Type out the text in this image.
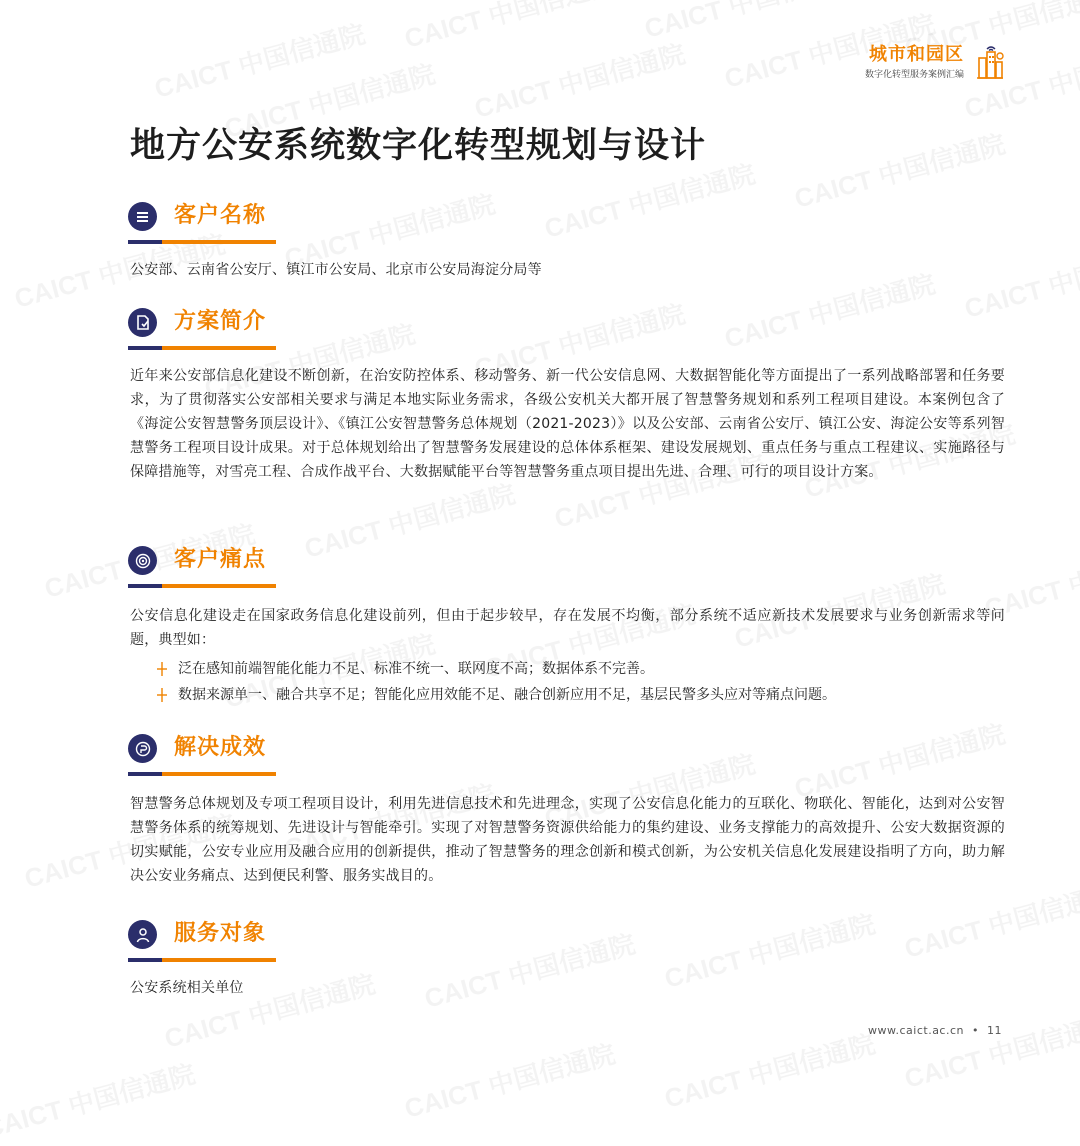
城市和园区
数字化转型服务案例汇编
地方公安系统数字化转型规划与设计
客户名称
公安部、云南省公安厅、镇江市公安局、北京市公安局海淀分局等
方案简介
近年来公安部信息化建设不断创新，在治安防控体系、移动警务、新一代公安信息网、大数据智能化等方面提出了一系列战略部署和任务要求，为了贯彻落实公安部相关要求与满足本地实际业务需求，各级公安机关大都开展了智慧警务规划和系列工程项目建设。本案例包含了《海淀公安智慧警务顶层设计》、《镇江公安智慧警务总体规划（2021-2023）》以及公安部、云南省公安厅、镇江公安、海淀公安等系列智慧警务工程项目设计成果。对于总体规划给出了智慧警务发展建设的总体体系框架、建设发展规划、重点任务与重点工程建议、实施路径与保障措施等，对雪亮工程、合成作战平台、大数据赋能平台等智慧警务重点项目提出先进、合理、可行的项目设计方案。
客户痛点
公安信息化建设走在国家政务信息化建设前列，但由于起步较早，存在发展不均衡，部分系统不适应新技术发展要求与业务创新需求等问题，典型如：
泛在感知前端智能化能力不足、标准不统一、联网度不高；数据体系不完善。
数据来源单一、融合共享不足；智能化应用效能不足、融合创新应用不足，基层民警多头应对等痛点问题。
解决成效
智慧警务总体规划及专项工程项目设计，利用先进信息技术和先进理念，实现了公安信息化能力的互联化、物联化、智能化，达到对公安智慧警务体系的统筹规划、先进设计与智能牵引。实现了对智慧警务资源供给能力的集约建设、业务支撑能力的高效提升、公安大数据资源的切实赋能，公安专业应用及融合应用的创新提供，推动了智慧警务的理念创新和模式创新，为公安机关信息化发展建设指明了方向，助力解决公安业务痛点、达到便民利警、服务实战目的。
服务对象
公安系统相关单位
www.caict.ac.cn • 11
